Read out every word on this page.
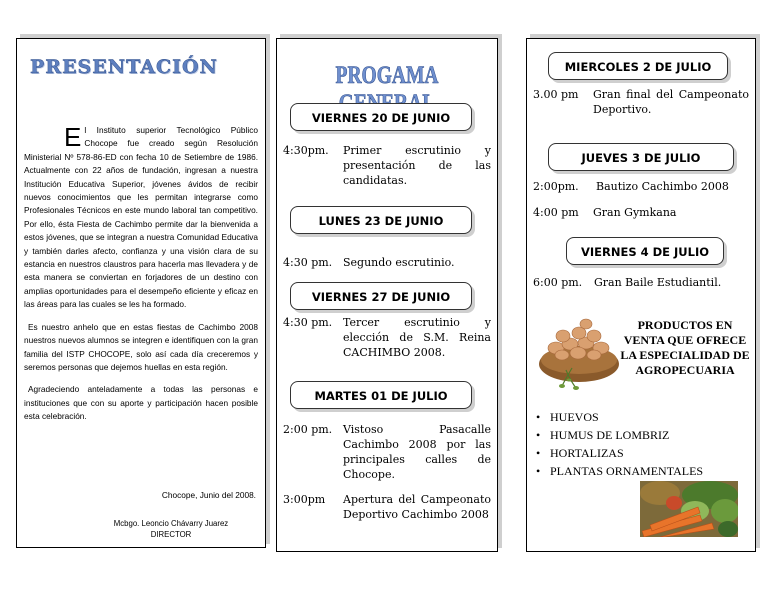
PRESENTACIÓN

El Instituto superior Tecnológico Público Chocope fue creado según Resolución Ministerial Nº 578-86-ED con fecha 10 de Setiembre de 1986. Actualmente con 22 años de fundación, ingresan a nuestra Institución Educativa Superior, jóvenes ávidos de recibir nuevos conocimientos que les permitan integrarse como Profesionales Técnicos en este mundo laboral tan competitivo. Por ello, ésta Fiesta de Cachimbo permite dar la bienvenida a estos jóvenes, que se integran a nuestra Comunidad Educativa y también darles afecto, confianza y una visión clara de su estancia en nuestros claustros para hacerla mas llevadera y de esta manera se conviertan en forjadores de un destino con amplias oportunidades para el desempeño eficiente y eficaz en las áreas para las cuales se les ha formado.

Es nuestro anhelo que en estas fiestas de Cachimbo 2008 nuestros nuevos alumnos se integren e identifiquen con la gran familia del ISTP CHOCOPE, solo así cada día creceremos y seremos personas que dejemos huellas en esta región.

Agradeciendo anteladamente a todas las personas e instituciones que con su aporte y participación hacen posible esta celebración.

Chocope, Junio del 2008.
Mcbgo. Leoncio Chávarry Juarez
DIRECTOR
PROGAMA
VIERNES 20 DE JUNIO
4:30pm. Primer escrutinio y presentación de las candidatas.
LUNES 23 DE JUNIO
4:30 pm. Segundo escrutinio.
VIERNES 27 DE JUNIO
4:30 pm. Tercer escrutinio y elección de S.M. Reina CACHIMBO 2008.
MARTES 01 DE JULIO
2:00 pm. Vistoso Pasacalle Cachimbo 2008 por las principales calles de Chocope.
3:00pm Apertura del Campeonato Deportivo Cachimbo 2008
MIERCOLES 2 DE JULIO
3.00 pm Gran final del Campeonato Deportivo.
JUEVES 3 DE JULIO
2:00pm. Bautizo Cachimbo 2008
4:00 pm Gran Gymkana
VIERNES 4 DE JULIO
6:00 pm. Gran Baile Estudiantil.
PRODUCTOS EN VENTA QUE OFRECE LA ESPECIALIDAD DE AGROPECUARIA
• HUEVOS
• HUMUS DE LOMBRIZ
• HORTALIZAS
• PLANTAS ORNAMENTALES
